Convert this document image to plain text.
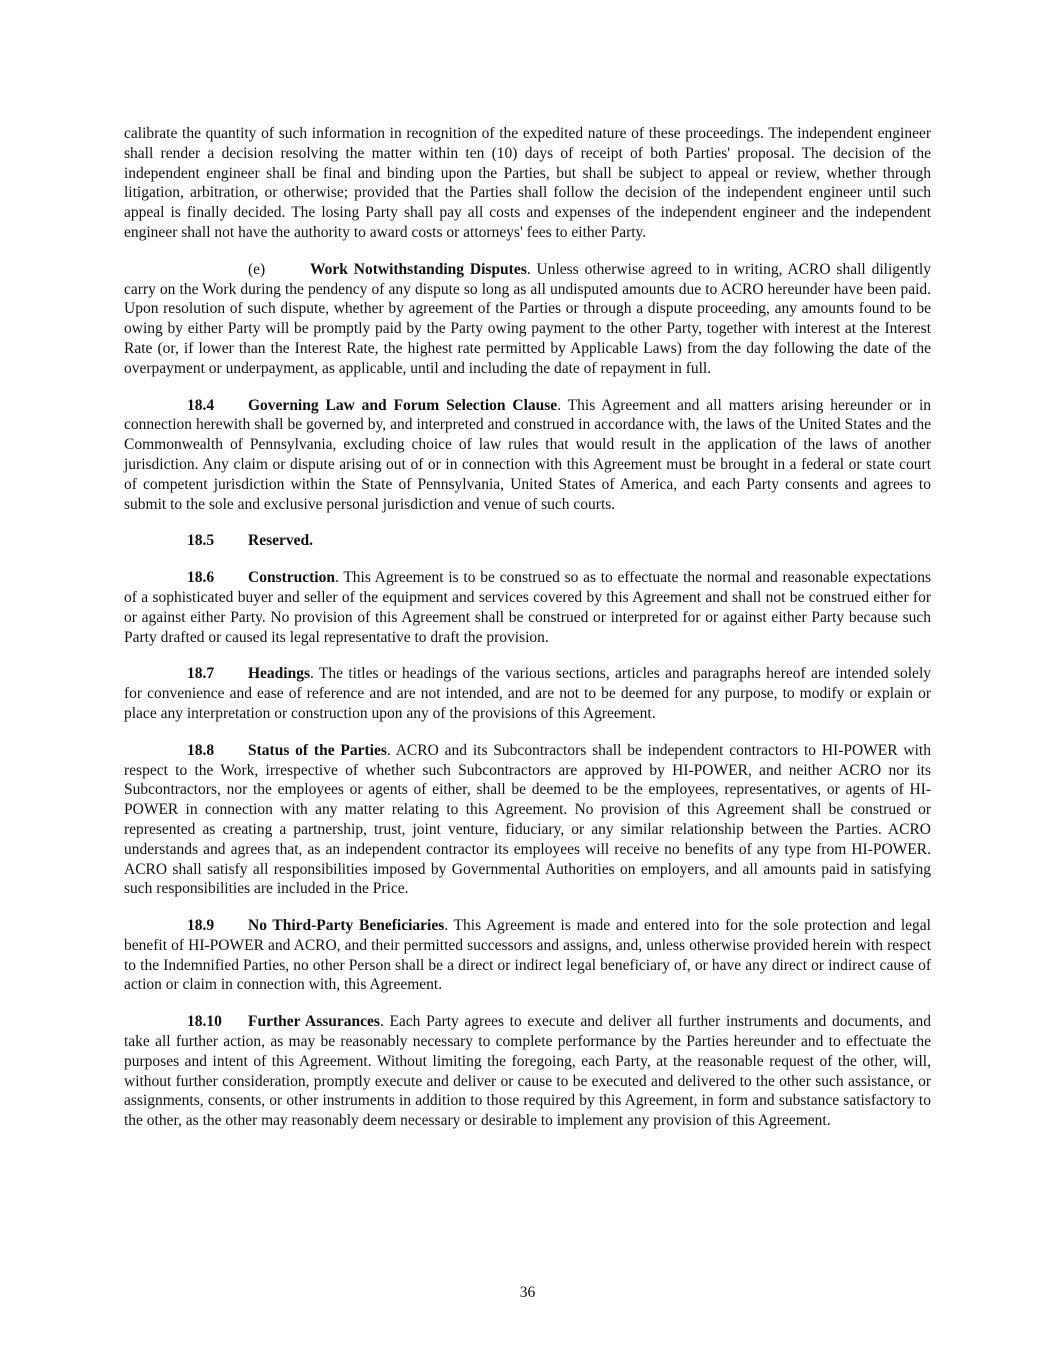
calibrate the quantity of such information in recognition of the expedited nature of these proceedings. The independent engineer shall render a decision resolving the matter within ten (10) days of receipt of both Parties' proposal. The decision of the independent engineer shall be final and binding upon the Parties, but shall be subject to appeal or review, whether through litigation, arbitration, or otherwise; provided that the Parties shall follow the decision of the independent engineer until such appeal is finally decided. The losing Party shall pay all costs and expenses of the independent engineer and the independent engineer shall not have the authority to award costs or attorneys' fees to either Party.

(e)	Work Notwithstanding Disputes. Unless otherwise agreed to in writing, ACRO shall diligently carry on the Work during the pendency of any dispute so long as all undisputed amounts due to ACRO hereunder have been paid. Upon resolution of such dispute, whether by agreement of the Parties or through a dispute proceeding, any amounts found to be owing by either Party will be promptly paid by the Party owing payment to the other Party, together with interest at the Interest Rate (or, if lower than the Interest Rate, the highest rate permitted by Applicable Laws) from the day following the date of the overpayment or underpayment, as applicable, until and including the date of repayment in full.

18.4 Governing Law and Forum Selection Clause. This Agreement and all matters arising hereunder or in connection herewith shall be governed by, and interpreted and construed in accordance with, the laws of the United States and the Commonwealth of Pennsylvania, excluding choice of law rules that would result in the application of the laws of another jurisdiction. Any claim or dispute arising out of or in connection with this Agreement must be brought in a federal or state court of competent jurisdiction within the State of Pennsylvania, United States of America, and each Party consents and agrees to submit to the sole and exclusive personal jurisdiction and venue of such courts.

18.5 Reserved.

18.6 Construction. This Agreement is to be construed so as to effectuate the normal and reasonable expectations of a sophisticated buyer and seller of the equipment and services covered by this Agreement and shall not be construed either for or against either Party. No provision of this Agreement shall be construed or interpreted for or against either Party because such Party drafted or caused its legal representative to draft the provision.

18.7 Headings. The titles or headings of the various sections, articles and paragraphs hereof are intended solely for convenience and ease of reference and are not intended, and are not to be deemed for any purpose, to modify or explain or place any interpretation or construction upon any of the provisions of this Agreement.

18.8 Status of the Parties. ACRO and its Subcontractors shall be independent contractors to HI-POWER with respect to the Work, irrespective of whether such Subcontractors are approved by HI-POWER, and neither ACRO nor its Subcontractors, nor the employees or agents of either, shall be deemed to be the employees, representatives, or agents of HI-POWER in connection with any matter relating to this Agreement. No provision of this Agreement shall be construed or represented as creating a partnership, trust, joint venture, fiduciary, or any similar relationship between the Parties. ACRO understands and agrees that, as an independent contractor its employees will receive no benefits of any type from HI-POWER. ACRO shall satisfy all responsibilities imposed by Governmental Authorities on employers, and all amounts paid in satisfying such responsibilities are included in the Price.

18.9 No Third-Party Beneficiaries. This Agreement is made and entered into for the sole protection and legal benefit of HI-POWER and ACRO, and their permitted successors and assigns, and, unless otherwise provided herein with respect to the Indemnified Parties, no other Person shall be a direct or indirect legal beneficiary of, or have any direct or indirect cause of action or claim in connection with, this Agreement.

18.10 Further Assurances. Each Party agrees to execute and deliver all further instruments and documents, and take all further action, as may be reasonably necessary to complete performance by the Parties hereunder and to effectuate the purposes and intent of this Agreement. Without limiting the foregoing, each Party, at the reasonable request of the other, will, without further consideration, promptly execute and deliver or cause to be executed and delivered to the other such assistance, or assignments, consents, or other instruments in addition to those required by this Agreement, in form and substance satisfactory to the other, as the other may reasonably deem necessary or desirable to implement any provision of this Agreement.

36
